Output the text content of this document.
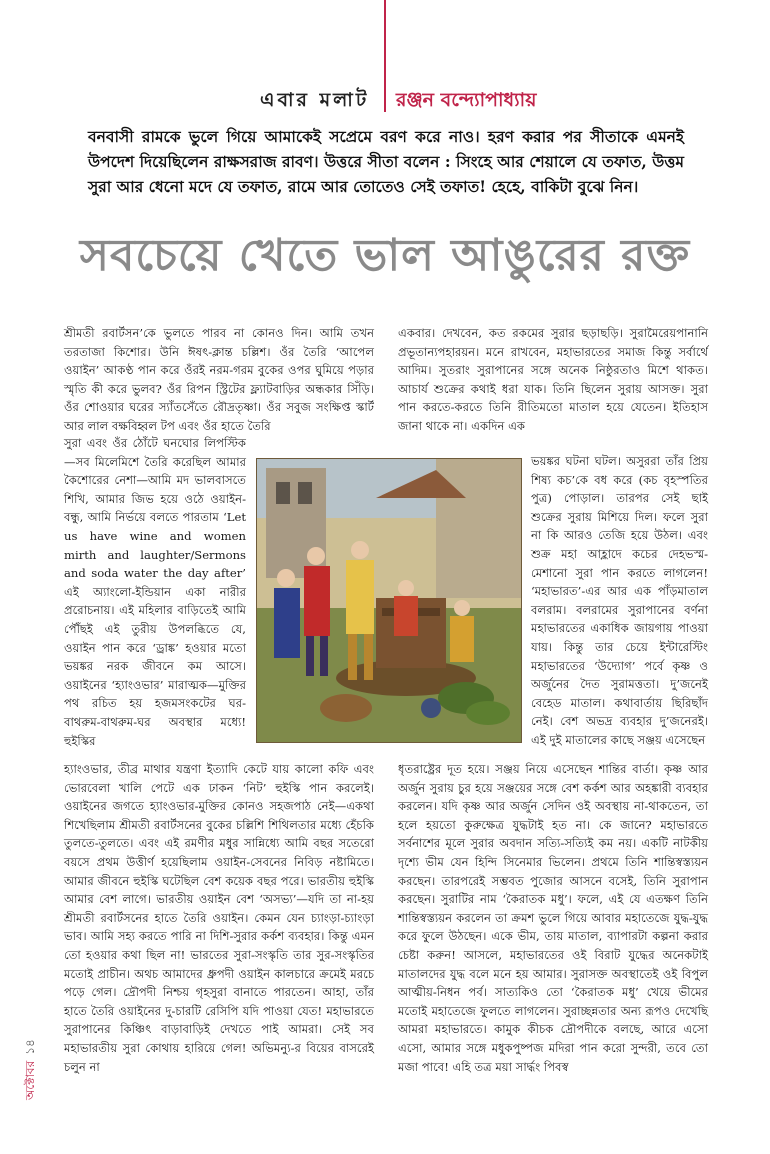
এবার মলাট রঞ্জন বন্দ্যোপাধ্যায়
বনবাসী রামকে ভুলে গিয়ে আমাকেই সপ্রেমে বরণ করে নাও। হরণ করার পর সীতাকে এমনই উপদেশ দিয়েছিলেন রাক্ষসরাজ রাবণ। উত্তরে সীতা বলেন : সিংহে আর শেয়ালে যে তফাত, উত্তম সুরা আর ধেনো মদে যে তফাত, রামে আর তোতেও সেই তফাত! হেহে, বাকিটা বুঝে নিন।
সবচেয়ে খেতে ভাল আঙুরের রক্ত

শ্রীমতী রবার্টসন’কে ভুলতে পারব না কোনও দিন। আমি তখন তরতাজা কিশোর। উনি ঈষৎ-ক্লান্ত চল্লিশ। ওঁর তৈরি ‘আপেল ওয়াইন’ আকণ্ঠ পান করে ওঁরই নরম-গরম বুকের ওপর ঘুমিয়ে পড়ার স্মৃতি কী করে ভুলব? ওঁর রিপন স্ট্রিটের ফ্ল্যাটবাড়ির অন্ধকার সিঁড়ি। ওঁর শোওয়ার ঘরের স্যাঁতসেঁতে রৌদ্রতৃষ্ণা। ওঁর সবুজ সংক্ষিপ্ত স্কার্ট আর লাল বক্ষবিহ্বল টপ এবং ওঁর হাতে তৈরি

সুরা এবং ওঁর ঠোঁটে ঘনঘোর লিপস্টিক—সব মিলেমিশে তৈরি করেছিল আমার কৈশোরের নেশা—আমি মদ ভালবাসতে শিখি, আমার জিভ হয়ে ওঠে ওয়াইন-বন্ধু, আমি নির্ভয়ে বলতে পারতাম ‘Let us have wine and women mirth and laughter/Sermons and soda water the day after’ এই অ্যাংলো-ইন্ডিয়ান একা নারীর প্ররোচনায়। এই মহিলার বাড়িতেই আমি পৌঁছই এই তুরীয় উপলব্ধিতে যে, ওয়াইন পান করে ‘ড্রাঙ্ক’ হওয়ার মতো ভয়ঙ্কর নরক জীবনে কম আসে। ওয়াইনের ‘হ্যাংওভার’ মারাত্মক—মুক্তির পথ রচিত হয় হজমসংকটের ঘর-বাথরুম-বাথরুম-ঘর অবস্থার মধ্যে! হুইস্কির

একবার। দেখবেন, কত রকমের সুরার ছড়াছড়ি। সুরামৈরেয়পানানি প্রভূতান্যপহারয়ন। মনে রাখবেন, মহাভারতের সমাজ কিন্তু সর্বার্থে আদিম। সুতরাং সুরাপানের সঙ্গে অনেক নিষ্ঠুরতাও মিশে থাকত। আচার্য শুক্রের কথাই ধরা যাক। তিনি ছিলেন সুরায় আসক্ত। সুরা পান করতে-করতে তিনি রীতিমতো মাতাল হয়ে যেতেন। ইতিহাস জানা থাকে না। একদিন এক

ভয়ঙ্কর ঘটনা ঘটল। অসুররা তাঁর প্রিয় শিষ্য কচ’কে বধ করে (কচ বৃহস্পতির পুত্র) পোড়াল। তারপর সেই ছাই শুক্রের সুরায় মিশিয়ে দিল। ফলে সুরা না কি আরও তেজি হয়ে উঠল। এবং শুক্র মহা আহ্লাদে কচের দেহভস্ম-মেশানো সুরা পান করতে লাগলেন! ‘মহাভারত’-এর আর এক পাঁড়মাতাল বলরাম। বলরামের সুরাপানের বর্ণনা মহাভারতের একাধিক জায়গায় পাওয়া যায়। কিন্তু তার চেয়ে ইন্টারেস্টিং মহাভারতের ‘উদ্যোগ’ পর্বে কৃষ্ণ ও অর্জুনের দৈত সুরামত্ততা। দু’জনেই বেহেড মাতাল। কথাবার্তায় ছিরিছাঁদ নেই। বেশ অভদ্র ব্যবহার দু’জনেরই। এই দুই মাতালের কাছে সঞ্জয় এসেছেন

হ্যাংওভার, তীব্র মাথার যন্ত্রণা ইত্যাদি কেটে যায় কালো কফি এবং ভোরবেলা খালি পেটে এক ঢাকন ‘নিট’ হুইস্কি পান করলেই। ওয়াইনের জগতে হ্যাংওভার-মুক্তির কোনও সহজপাঠ নেই—একথা শিখেছিলাম শ্রীমতী রবার্টসনের বুকের চল্লিশি শিথিলতার মধ্যে হেঁচকি তুলতে-তুলতে। এবং এই রমণীর মধুর সান্নিধ্যে আমি বছর সতেরো বয়সে প্রথম উত্তীর্ণ হয়েছিলাম ওয়াইন-সেবনের নিবিড় নষ্টামিতে। আমার জীবনে হুইস্কি ঘটেছিল বেশ কয়েক বছর পরে। ভারতীয় হুইস্কি আমার বেশ লাগে। ভারতীয় ওয়াইন বেশ ‘অসভ্য’—যদি তা না-হয় শ্রীমতী রবার্টসনের হাতে তৈরি ওয়াইন। কেমন যেন চ্যাংড়া-চ্যাংড়া ভাব। আমি সহ্য করতে পারি না দিশি-সুরার কর্কশ ব্যবহার। কিন্তু এমন তো হওয়ার কথা ছিল না! ভারতের সুরা-সংস্কৃতি তার সুর-সংস্কৃতির মতোই প্রাচীন। অথচ আমাদের ধ্রুপদী ওয়াইন কালচারে ক্রমেই মরচে পড়ে গেল। দ্রৌপদী নিশ্চয় গৃহসুরা বানাতে পারতেন। আহা, তাঁর হাতে তৈরি ওয়াইনের দু-চারটি রেসিপি যদি পাওয়া যেত! মহাভারতে সুরাপানের কিঞ্চিৎ বাড়াবাড়িই দেখতে পাই আমরা। সেই সব মহাভারতীয় সুরা কোথায় হারিয়ে গেল! অভিমন্যু-র বিয়ের বাসরেই চলুন না

ধৃতরাষ্ট্রের দূত হয়ে। সঞ্জয় নিয়ে এসেছেন শান্তির বার্তা। কৃষ্ণ আর অর্জুন সুরায় চুর হয়ে সঞ্জয়ের সঙ্গে বেশ কর্কশ আর অহঙ্কারী ব্যবহার করলেন। যদি কৃষ্ণ আর অর্জুন সেদিন ওই অবস্থায় না-থাকতেন, তা হলে হয়তো কুরুক্ষেত্র যুদ্ধটাই হত না। কে জানে? মহাভারতে সর্বনাশের মূলে সুরার অবদান সত্যি-সত্যিই কম নয়। একটি নাটকীয় দৃশ্যে ভীম যেন হিন্দি সিনেমার ভিলেন। প্রথমে তিনি শান্তিস্বস্ত্যয়ন করছেন। তারপরেই সম্ভবত পুজোর আসনে বসেই, তিনি সুরাপান করছেন। সুরাটির নাম ‘কৈরাতক মধু’। ফলে, এই যে এতক্ষণ তিনি শান্তিস্বস্ত্যয়ন করলেন তা ক্রমশ ভুলে গিয়ে আবার মহাতেজে যুদ্ধ-যুদ্ধ করে ফুলে উঠছেন। একে ভীম, তায় মাতাল, ব্যাপারটা কল্পনা করার চেষ্টা করুন! আসলে, মহাভারতের ওই বিরাট যুদ্ধের অনেকটাই মাতালদের যুদ্ধ বলে মনে হয় আমার। সুরাসক্ত অবস্থাতেই ওই বিপুল আত্মীয়-নিধন পর্ব। সাত্যকিও তো ‘কৈরাতক মধু’ খেয়ে ভীমের মতোই মহাতেজে ফুলতে লাগলেন। সুরাচ্ছন্নতার অন্য রূপও দেখেছি আমরা মহাভারতে। কামুক কীচক দ্রৌপদীকে বলছে, আরে এসো এসো, আমার সঙ্গে মধুকপুষ্পজ মদিরা পান করো সুন্দরী, তবে তো মজা পাবে! এহি তত্র ময়া সার্দ্ধং পিবস্ব

অক্টোবর১৪
